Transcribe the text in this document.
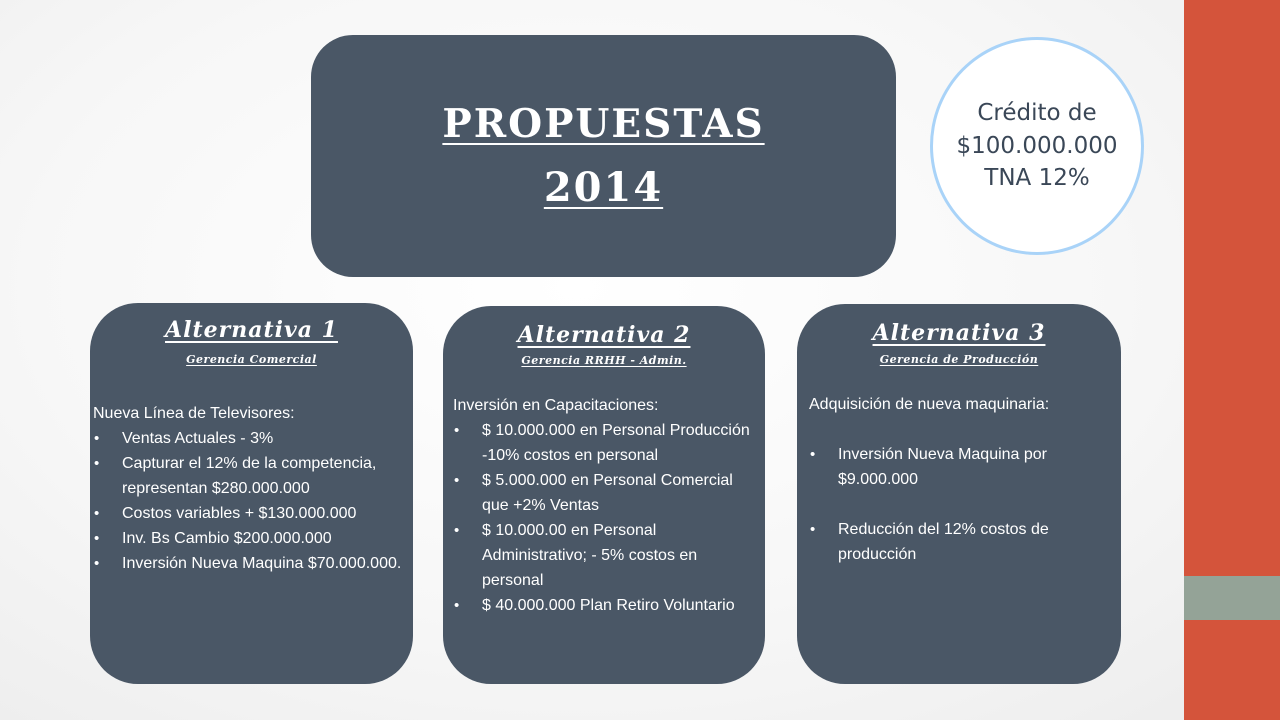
PROPUESTAS
2014
Crédito de
$100.000.000
TNA 12%
Alternativa 1
Gerencia Comercial
Nueva Línea de Televisores:
• Ventas Actuales - 3%
• Capturar el 12% de la competencia, representan $280.000.000
• Costos variables + $130.000.000
• Inv. Bs Cambio $200.000.000
• Inversión Nueva Maquina $70.000.000.
Alternativa 2
Gerencia RRHH - Admin.
Inversión en Capacitaciones:
• $ 10.000.000 en Personal Producción -10% costos en personal
• $ 5.000.000 en Personal Comercial que +2% Ventas
• $ 10.000.00 en Personal Administrativo; - 5% costos en personal
• $ 40.000.000 Plan Retiro Voluntario
Alternativa 3
Gerencia de Producción
Adquisición de nueva maquinaria:
• Inversión Nueva Maquina por $9.000.000
• Reducción del 12% costos de producción
